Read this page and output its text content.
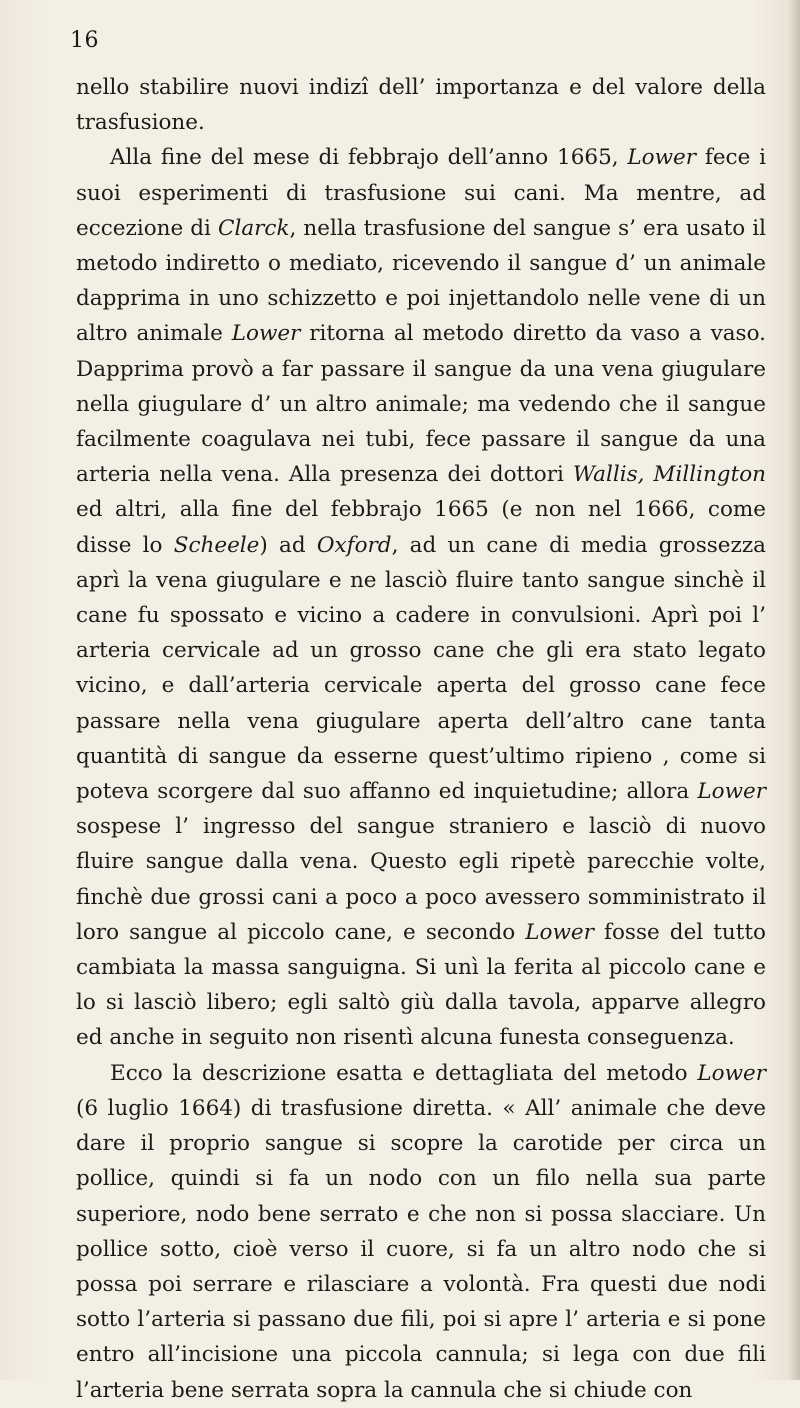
16

nello stabilire nuovi indizî dell’ importanza e del valore della trasfusione.

Alla fine del mese di febbrajo dell’anno 1665, Lower fece i suoi esperimenti di trasfusione sui cani. Ma mentre, ad eccezione di Clarck, nella trasfusione del sangue s’ era usato il metodo indiretto o mediato, ricevendo il sangue d’ un animale dapprima in uno schizzetto e poi injettandolo nelle vene di un altro animale Lower ritorna al metodo diretto da vaso a vaso. Dapprima provò a far passare il sangue da una vena giugulare nella giugulare d’ un altro animale; ma vedendo che il sangue facilmente coagulava nei tubi, fece passare il sangue da una arteria nella vena. Alla presenza dei dottori Wallis, Millington ed altri, alla fine del febbrajo 1665 (e non nel 1666, come disse lo Scheele) ad Oxford, ad un cane di media grossezza aprì la vena giugulare e ne lasciò fluire tanto sangue sinchè il cane fu spossato e vicino a cadere in convulsioni. Aprì poi l’ arteria cervicale ad un grosso cane che gli era stato legato vicino, e dall’arteria cervicale aperta del grosso cane fece passare nella vena giugulare aperta dell’altro cane tanta quantità di sangue da esserne quest’ultimo ripieno , come si poteva scorgere dal suo affanno ed inquietudine; allora Lower sospese l’ ingresso del sangue straniero e lasciò di nuovo fluire sangue dalla vena. Questo egli ripetè parecchie volte, finchè due grossi cani a poco a poco avessero somministrato il loro sangue al piccolo cane, e secondo Lower fosse del tutto cambiata la massa sanguigna. Si unì la ferita al piccolo cane e lo si lasciò libero; egli saltò giù dalla tavola, apparve allegro ed anche in seguito non risentì alcuna funesta conseguenza.

Ecco la descrizione esatta e dettagliata del metodo Lower (6 luglio 1664) di trasfusione diretta. « All’ animale che deve dare il proprio sangue si scopre la carotide per circa un pollice, quindi si fa un nodo con un filo nella sua parte superiore, nodo bene serrato e che non si possa slacciare. Un pollice sotto, cioè verso il cuore, si fa un altro nodo che si possa poi serrare e rilasciare a volontà. Fra questi due nodi sotto l’arteria si passano due fili, poi si apre l’ arteria e si pone entro all’incisione una piccola cannula; si lega con due fili l’arteria bene serrata sopra la cannula che si chiude con
